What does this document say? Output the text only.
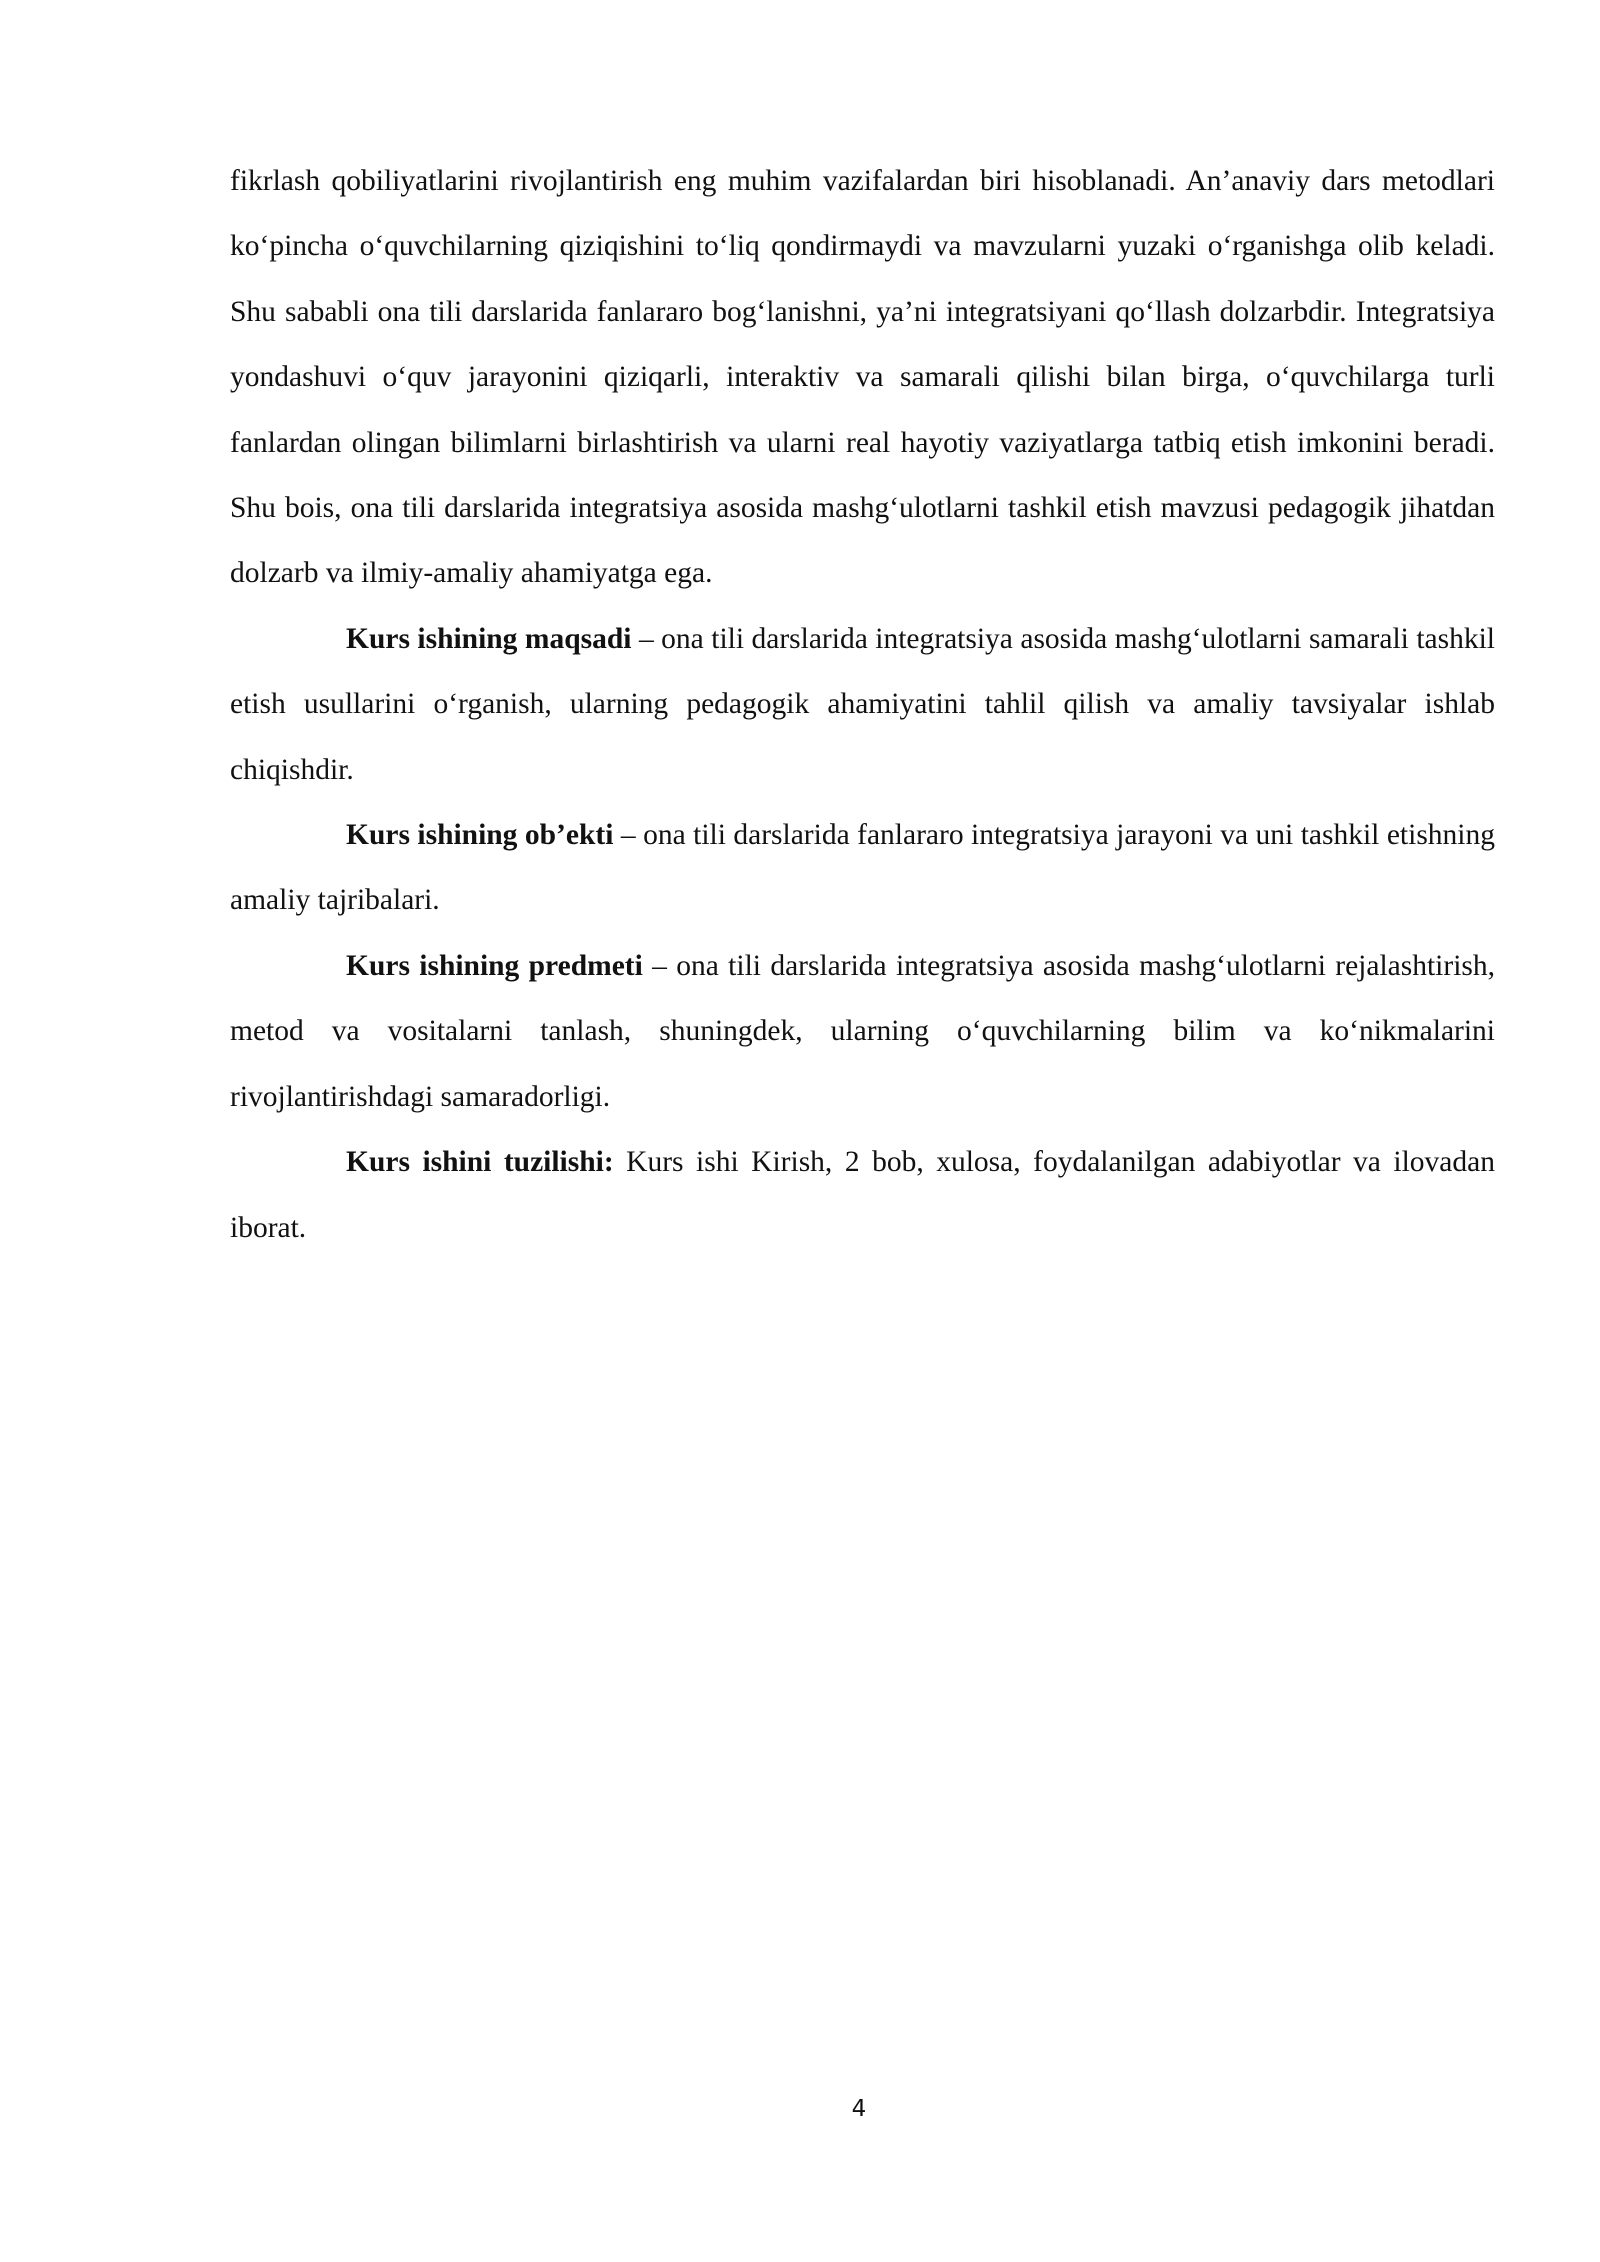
fikrlash qobiliyatlarini rivojlantirish eng muhim vazifalardan biri hisoblanadi. An’anaviy dars metodlari ko‘pincha o‘quvchilarning qiziqishini to‘liq qondirmaydi va mavzularni yuzaki o‘rganishga olib keladi. Shu sababli ona tili darslarida fanlararo bog‘lanishni, ya’ni integratsiyani qo‘llash dolzarbdir. Integratsiya yondashuvi o‘quv jarayonini qiziqarli, interaktiv va samarali qilishi bilan birga, o‘quvchilarga turli fanlardan olingan bilimlarni birlashtirish va ularni real hayotiy vaziyatlarga tatbiq etish imkonini beradi. Shu bois, ona tili darslarida integratsiya asosida mashg‘ulotlarni tashkil etish mavzusi pedagogik jihatdan dolzarb va ilmiy-amaliy ahamiyatga ega.

Kurs ishining maqsadi – ona tili darslarida integratsiya asosida mashg‘ulotlarni samarali tashkil etish usullarini o‘rganish, ularning pedagogik ahamiyatini tahlil qilish va amaliy tavsiyalar ishlab chiqishdir.

Kurs ishining ob’ekti – ona tili darslarida fanlararo integratsiya jarayoni va uni tashkil etishning amaliy tajribalari.

Kurs ishining predmeti – ona tili darslarida integratsiya asosida mashg‘ulotlarni rejalashtirish, metod va vositalarni tanlash, shuningdek, ularning o‘quvchilarning bilim va ko‘nikmalarini rivojlantirishdagi samaradorligi.

Kurs ishini tuzilishi: Kurs ishi Kirish, 2 bob, xulosa, foydalanilgan adabiyotlar va ilovadan iborat.

4
